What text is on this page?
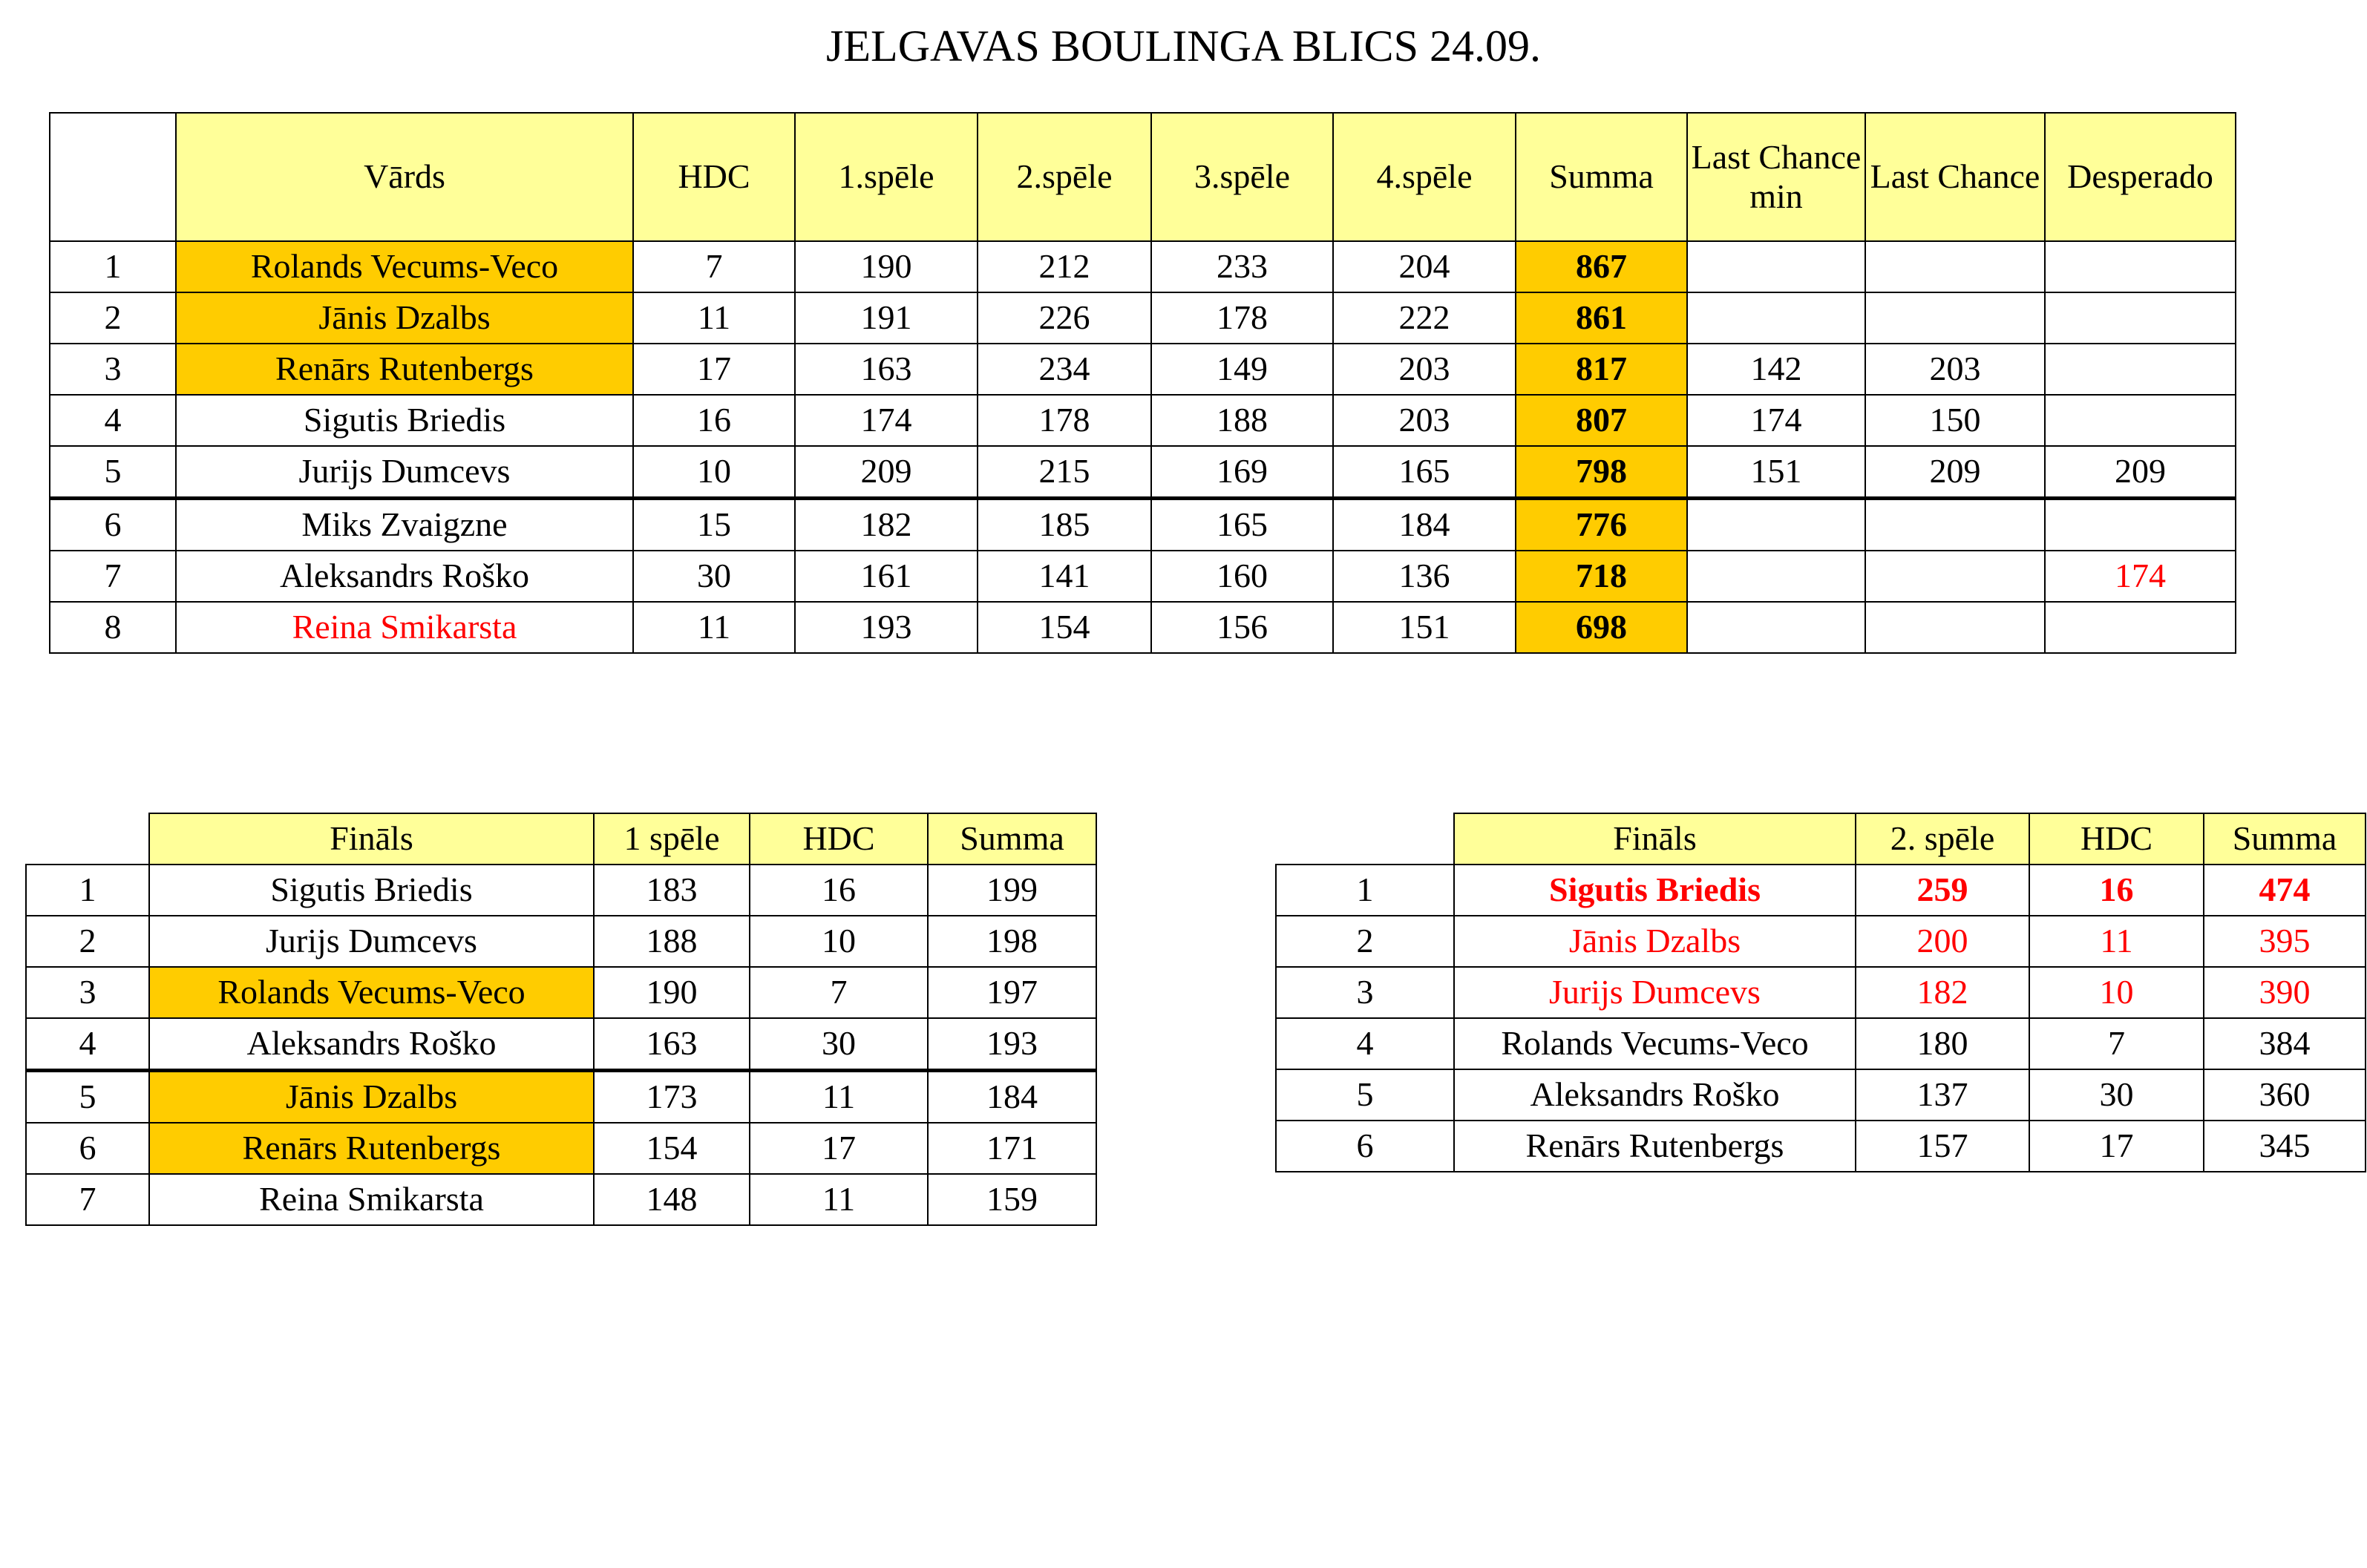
JELGAVAS BOULINGA BLICS 24.09.
	Vārds	HDC	1.spēle	2.spēle	3.spēle	4.spēle	Summa	Last Chance min	Last Chance	Desperado
1	Rolands Vecums-Veco	7	190	212	233	204	867			
2	Jānis Dzalbs	11	191	226	178	222	861			
3	Renārs Rutenbergs	17	163	234	149	203	817	142	203	
4	Sigutis Briedis	16	174	178	188	203	807	174	150	
5	Jurijs Dumcevs	10	209	215	169	165	798	151	209	209
6	Miks Zvaigzne	15	182	185	165	184	776			
7	Aleksandrs Roško	30	161	141	160	136	718			174
8	Reina Smikarsta	11	193	154	156	151	698			
	Fināls	1 spēle	HDC	Summa
1	Sigutis Briedis	183	16	199
2	Jurijs Dumcevs	188	10	198
3	Rolands Vecums-Veco	190	7	197
4	Aleksandrs Roško	163	30	193
5	Jānis Dzalbs	173	11	184
6	Renārs Rutenbergs	154	17	171
7	Reina Smikarsta	148	11	159
	Fināls	2. spēle	HDC	Summa
1	Sigutis Briedis	259	16	474
2	Jānis Dzalbs	200	11	395
3	Jurijs Dumcevs	182	10	390
4	Rolands Vecums-Veco	180	7	384
5	Aleksandrs Roško	137	30	360
6	Renārs Rutenbergs	157	17	345
